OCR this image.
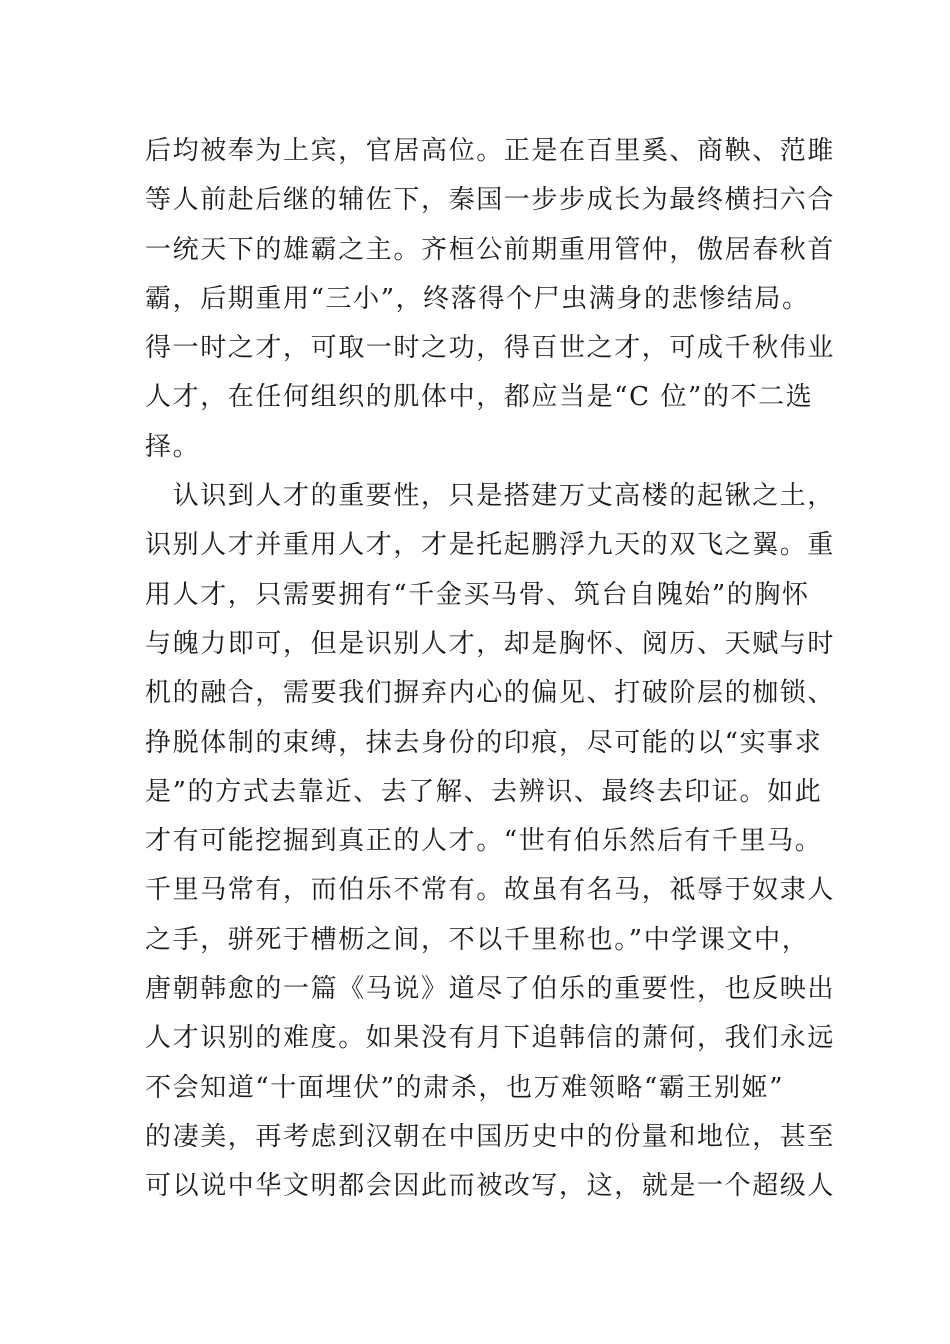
后均被奉为上宾，官居高位。正是在百里奚、商鞅、范雎
等人前赴后继的辅佐下，秦国一步步成长为最终横扫六合
一统天下的雄霸之主。齐桓公前期重用管仲，傲居春秋首
霸，后期重用“三小”，终落得个尸虫满身的悲惨结局。
得一时之才，可取一时之功，得百世之才，可成千秋伟业
人才，在任何组织的肌体中，都应当是“C 位”的不二选
择。
　认识到人才的重要性，只是搭建万丈高楼的起锹之土，
识别人才并重用人才，才是托起鹏浮九天的双飞之翼。重
用人才，只需要拥有“千金买马骨、筑台自隗始”的胸怀
与魄力即可，但是识别人才，却是胸怀、阅历、天赋与时
机的融合，需要我们摒弃内心的偏见、打破阶层的枷锁、
挣脱体制的束缚，抹去身份的印痕，尽可能的以“实事求
是”的方式去靠近、去了解、去辨识、最终去印证。如此
才有可能挖掘到真正的人才。“世有伯乐然后有千里马。
千里马常有，而伯乐不常有。故虽有名马，祗辱于奴隶人
之手，骈死于槽枥之间，不以千里称也。”中学课文中，
唐朝韩愈的一篇《马说》道尽了伯乐的重要性，也反映出
人才识别的难度。如果没有月下追韩信的萧何，我们永远
不会知道“十面埋伏”的肃杀，也万难领略“霸王别姬”
的凄美，再考虑到汉朝在中国历史中的份量和地位，甚至
可以说中华文明都会因此而被改写，这，就是一个超级人
